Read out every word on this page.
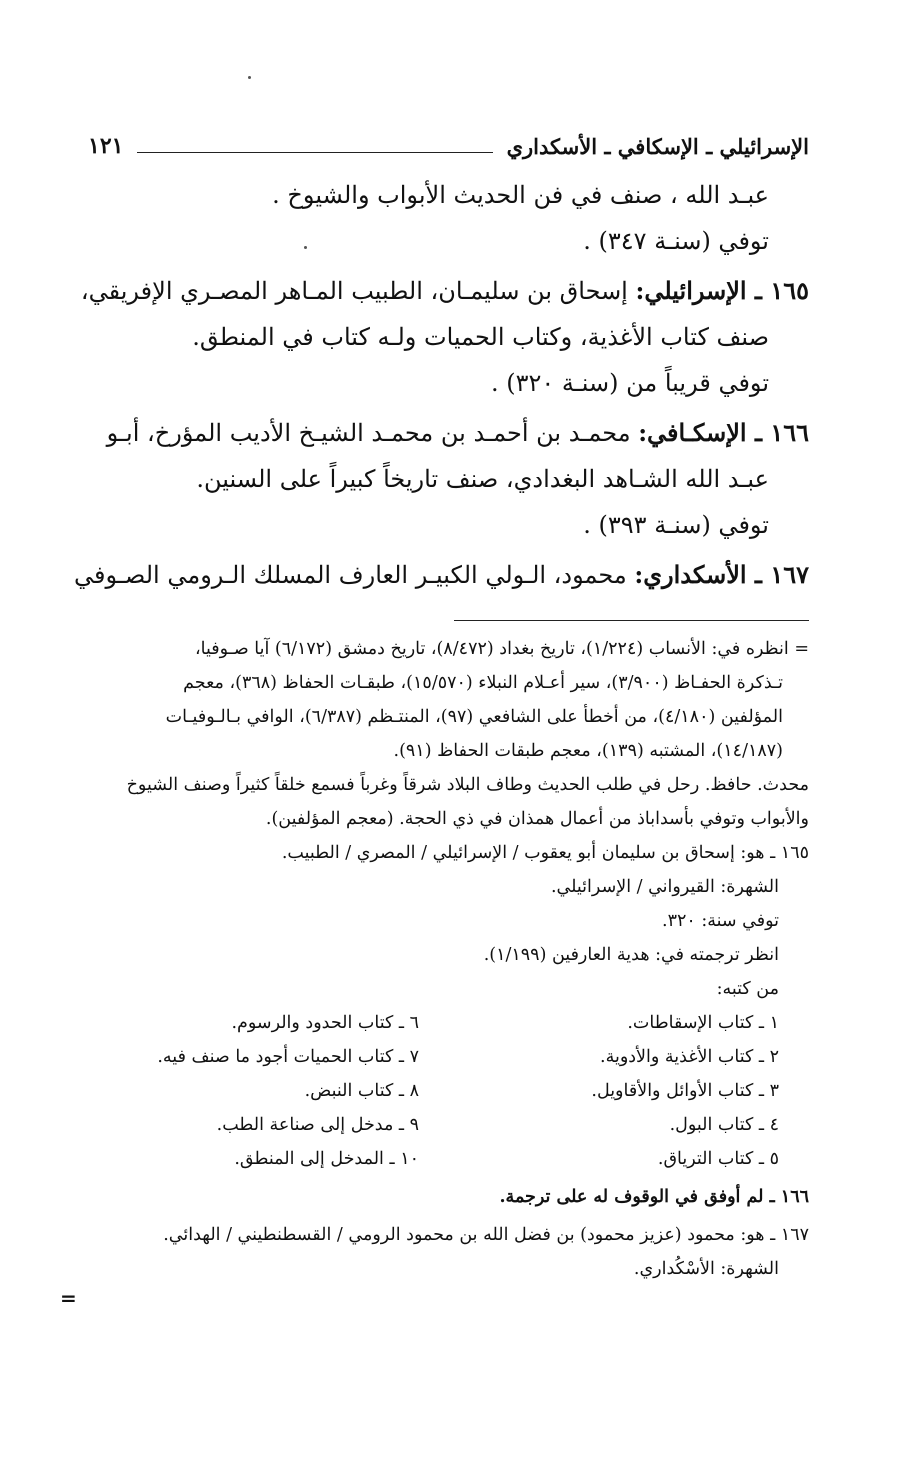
الإسرائيلي ـ الإسكافي ـ الأسكداري
١٢١
عبـد الله ، صنف في فن الحديث الأبواب والشيوخ .
توفي (سنـة ٣٤٧) .
١٦٥ ـ الإسرائيلي: إسحاق بن سليمـان، الطبيب المـاهر المصـري الإفريقي،
صنف كتاب الأغذية، وكتاب الحميات ولـه كتاب في المنطق.
توفي قريباً من (سنـة ٣٢٠) .
١٦٦ ـ الإسكـافي: محمـد بن أحمـد بن محمـد الشيـخ الأديب المؤرخ، أبـو
عبـد الله الشـاهد البغدادي، صنف تاريخاً كبيراً على السنين.
توفي (سنـة ٣٩٣) .
١٦٧ ـ الأسكداري: محمود، الـولي الكبيـر العارف المسلك الـرومي الصـوفي
= انظره في: الأنساب (١/٢٢٤)، تاريخ بغداد (٨/٤٧٢)، تاريخ دمشق (٦/١٧٢) آيا صـوفيا،
تـذكرة الحفـاظ (٣/٩٠٠)، سير أعـلام النبلاء (١٥/٥٧٠)، طبقـات الحفاظ (٣٦٨)، معجم
المؤلفين (٤/١٨٠)، من أخطأ على الشافعي (٩٧)، المنتـظم (٦/٣٨٧)، الوافي بـالـوفيـات
(١٤/١٨٧)، المشتبه (١٣٩)، معجم طبقات الحفاظ (٩١).
محدث. حافظ. رحل في طلب الحديث وطاف البلاد شرقاً وغرباً فسمع خلقاً كثيراً وصنف الشيوخ
والأبواب وتوفي بأسداباذ من أعمال همذان في ذي الحجة. (معجم المؤلفين).
١٦٥ ـ هو: إسحاق بن سليمان أبو يعقوب / الإسرائيلي / المصري / الطبيب.
الشهرة: القيرواني / الإسرائيلي.
توفي سنة: ٣٢٠.
انظر ترجمته في: هدية العارفين (١/١٩٩).
من كتبه:
١ ـ كتاب الإسقاطات.
٢ ـ كتاب الأغذية والأدوية.
٣ ـ كتاب الأوائل والأقاويل.
٤ ـ كتاب البول.
٥ ـ كتاب الترياق.
٦ ـ كتاب الحدود والرسوم.
٧ ـ كتاب الحميات أجود ما صنف فيه.
٨ ـ كتاب النبض.
٩ ـ مدخل إلى صناعة الطب.
١٠ ـ المدخل إلى المنطق.
١٦٦ ـ لم أوفق في الوقوف له على ترجمة.
١٦٧ ـ هو: محمود (عزيز محمود) بن فضل الله بن محمود الرومي / القسطنطيني / الهدائي.
الشهرة: الأسْكُداري.
=
